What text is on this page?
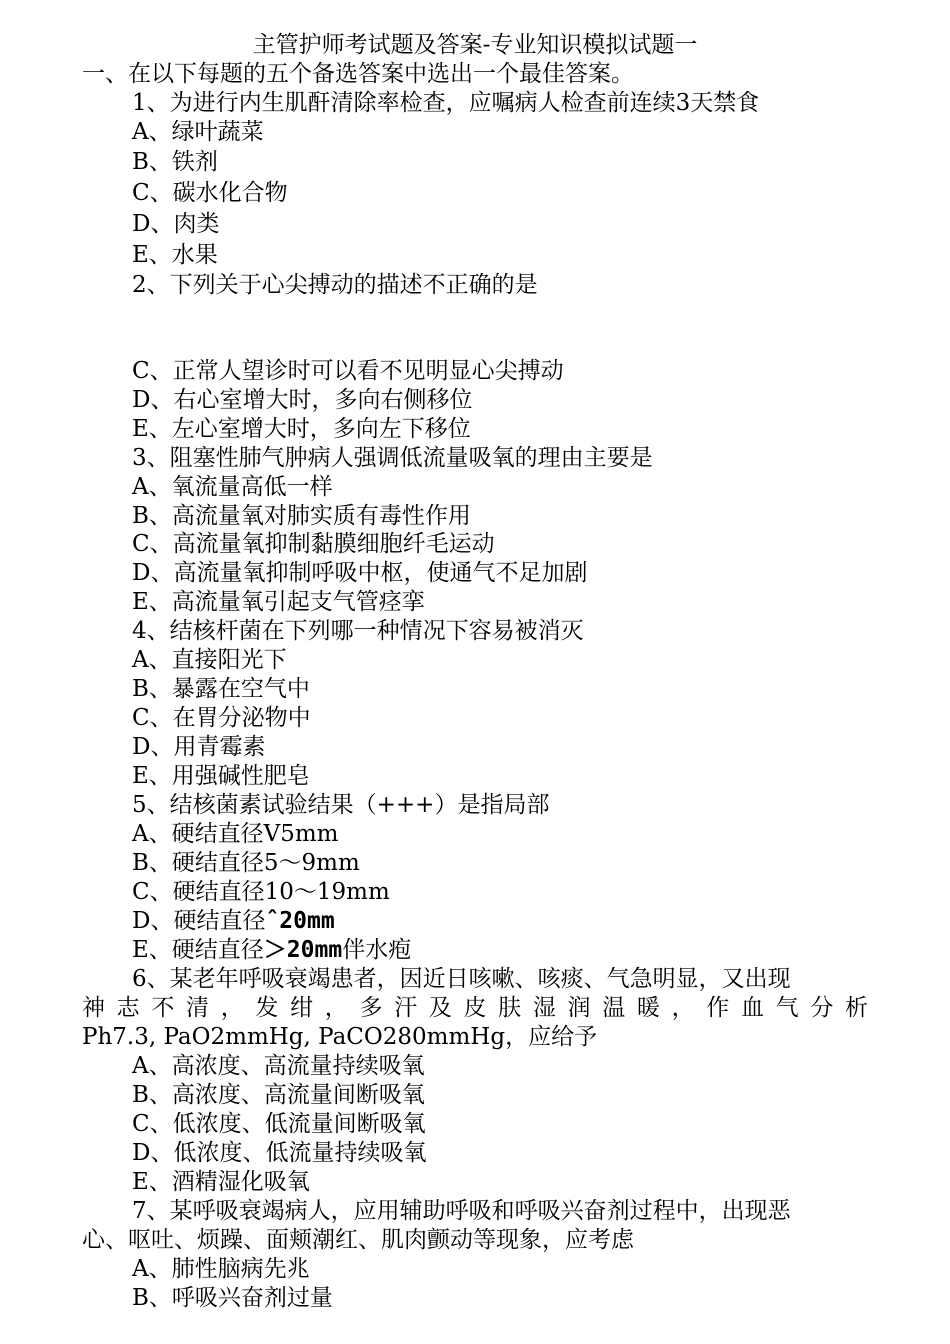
主管护师考试题及答案-专业知识模拟试题一
一、在以下每题的五个备选答案中选出一个最佳答案。
1、为进行内生肌酐清除率检查，应嘱病人检查前连续3天禁食
A、绿叶蔬菜
B、铁剂
C、碳水化合物
D、肉类
E、水果
2、下列关于心尖搏动的描述不正确的是
C、正常人望诊时可以看不见明显心尖搏动
D、右心室增大时，多向右侧移位
E、左心室增大时，多向左下移位
3、阻塞性肺气肿病人强调低流量吸氧的理由主要是
A、氧流量高低一样
B、高流量氧对肺实质有毒性作用
C、高流量氧抑制黏膜细胞纤毛运动
D、高流量氧抑制呼吸中枢，使通气不足加剧
E、高流量氧引起支气管痉挛
4、结核杆菌在下列哪一种情况下容易被消灭
A、直接阳光下
B、暴露在空气中
C、在胃分泌物中
D、用青霉素
E、用强碱性肥皂
5、结核菌素试验结果（+++）是指局部
A、硬结直径V5mm
B、硬结直径5〜9mm
C、硬结直径10〜19mm
D、硬结直径ˆ20mm
E、硬结直径＞20mm伴水疱
6、某老年呼吸衰竭患者，因近日咳嗽、咳痰、气急明显，又出现
神志不清，发绀，多汗及皮肤湿润温暖，作血气分析
Ph7.3, PaO2mmHg, PaCO280mmHg，应给予
A、高浓度、高流量持续吸氧
B、高浓度、高流量间断吸氧
C、低浓度、低流量间断吸氧
D、低浓度、低流量持续吸氧
E、酒精湿化吸氧
7、某呼吸衰竭病人，应用辅助呼吸和呼吸兴奋剂过程中，出现恶
心、呕吐、烦躁、面颊潮红、肌肉颤动等现象，应考虑
A、肺性脑病先兆
B、呼吸兴奋剂过量
